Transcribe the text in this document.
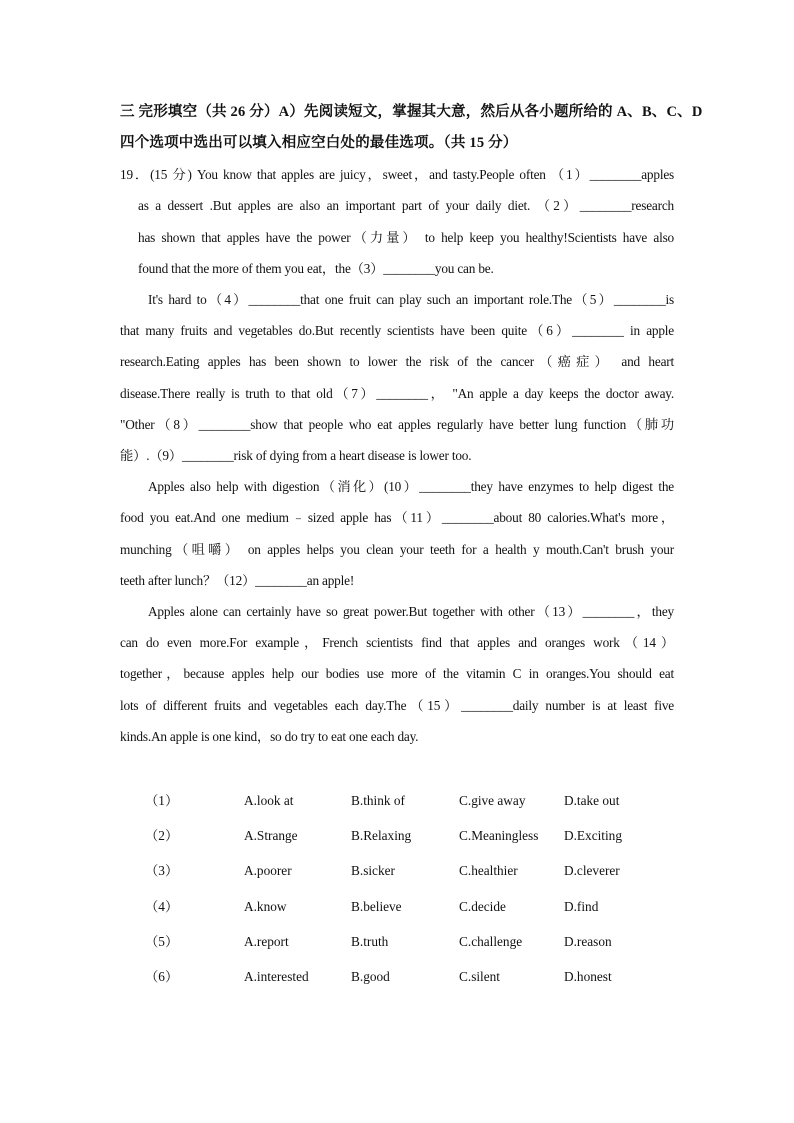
三 完形填空（共 26 分）A）先阅读短文，掌握其大意，然后从各小题所给的 A、B、C、D
四个选项中选出可以填入相应空白处的最佳选项。（共 15 分）
19．(15 分) You know that apples are juicy，sweet，and tasty.People often （1）________apples
as a dessert .But apples are also an important part of your daily diet. （2）________research
has shown that apples have the power（力量） to help keep you healthy!Scientists have also
found that the more of them you eat，the（3）________you can be.
It's hard to（4）________that one fruit can play such an important role.The（5）________is
that many fruits and vegetables do.But recently scientists have been quite（6）________ in apple
research.Eating apples has been shown to lower the risk of the cancer（癌症） and heart
disease.There really is truth to that old（7）________， "An apple a day keeps the doctor away.
"Other（8）________show that people who eat apples regularly have better lung function（肺功
能）.（9）________risk of dying from a heart disease is lower too.
Apples also help with digestion（消化）(10）________they have enzymes to help digest the
food you eat.And one medium﹣sized apple has（11）________about 80 calories.What's more，
munching（咀嚼） on apples helps you clean your teeth for a health y mouth.Can't brush your
teeth after lunch？（12）________an apple!
Apples alone can certainly have so great power.But together with other（13）________，they
can do even more.For example，French scientists find that apples and oranges work（14）
together，because apples help our bodies use more of the vitamin C in oranges.You should eat
lots of different fruits and vegetables each day.The（15）________daily number is at least five
kinds.An apple is one kind，so do try to eat one each day.
（1）	A.look at	B.think of	C.give away	D.take out
（2）	A.Strange	B.Relaxing	C.Meaningless D.Exciting
（3）	A.poorer	B.sicker	C.healthier	D.cleverer
（4）	A.know	B.believe	C.decide	D.find
（5）	A.report	B.truth	C.challenge	D.reason
（6）	A.interested	B.good	C.silent	D.honest
